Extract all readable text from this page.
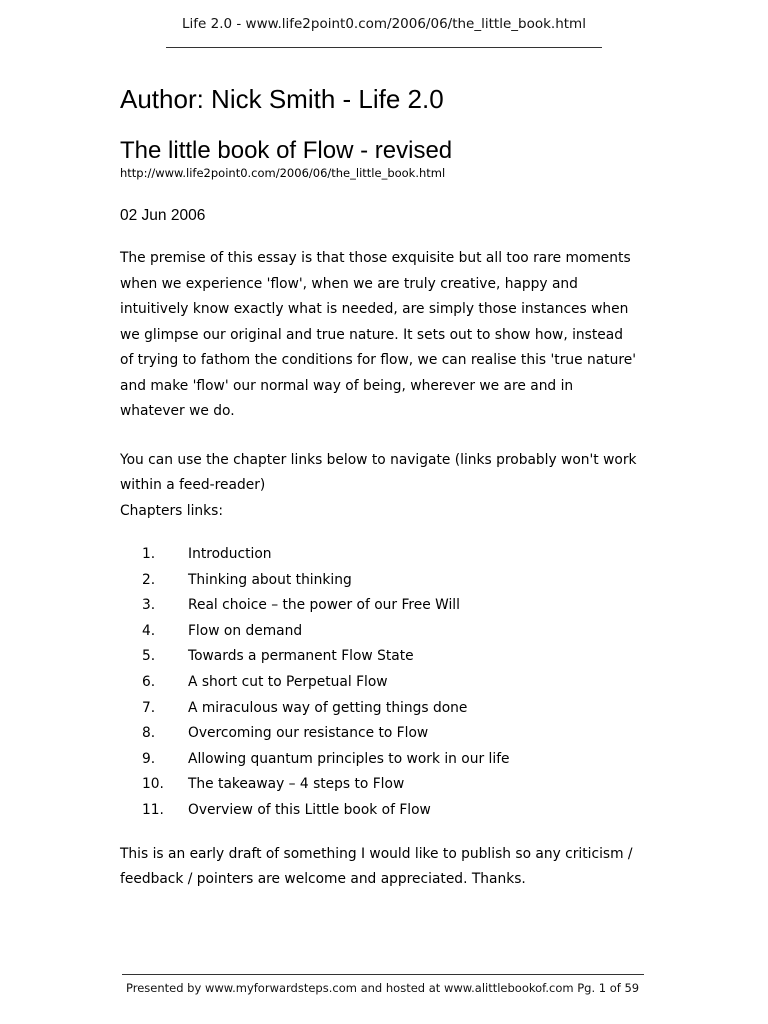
Life 2.0 - www.life2point0.com/2006/06/the_little_book.html
Author: Nick Smith - Life 2.0
The little book of Flow - revised

http://www.life2point0.com/2006/06/the_little_book.html

02 Jun 2006

The premise of this essay is that those exquisite but all too rare moments when we experience 'flow', when we are truly creative, happy and intuitively know exactly what is needed, are simply those instances when we glimpse our original and true nature. It sets out to show how, instead of trying to fathom the conditions for flow, we can realise this 'true nature' and make 'flow' our normal way of being, wherever we are and in whatever we do.

You can use the chapter links below to navigate (links probably won't work within a feed-reader)

Chapters links:

1.	Introduction
2.	Thinking about thinking
3.	Real choice – the power of our Free Will
4.	Flow on demand
5.	Towards a permanent Flow State
6.	A short cut to Perpetual Flow
7.	A miraculous way of getting things done
8.	Overcoming our resistance to Flow
9.	Allowing quantum principles to work in our life
10.	The takeaway – 4 steps to Flow
11.	Overview of this Little book of Flow

This is an early draft of something I would like to publish so any criticism / feedback / pointers are welcome and appreciated. Thanks.

Presented by www.myforwardsteps.com and hosted at www.alittlebookof.com Pg. 1 of 59
